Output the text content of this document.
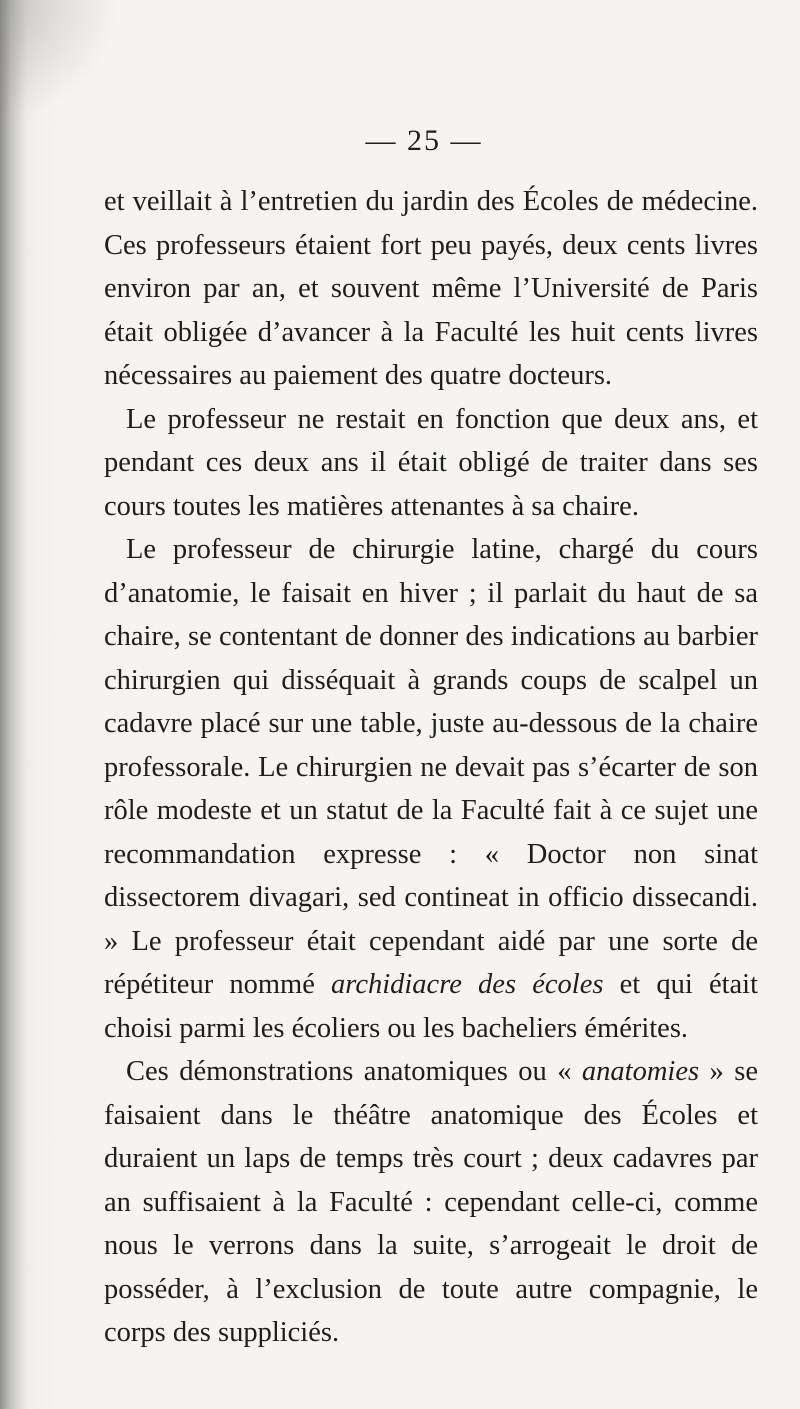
— 25 —

et veillait à l’entretien du jardin des Écoles de médecine. Ces professeurs étaient fort peu payés, deux cents livres environ par an, et souvent même l’Université de Paris était obligée d’avancer à la Faculté les huit cents livres nécessaires au paiement des quatre docteurs.

Le professeur ne restait en fonction que deux ans, et pendant ces deux ans il était obligé de traiter dans ses cours toutes les matières attenantes à sa chaire.

Le professeur de chirurgie latine, chargé du cours d’anatomie, le faisait en hiver ; il parlait du haut de sa chaire, se contentant de donner des indications au barbier chirurgien qui disséquait à grands coups de scalpel un cadavre placé sur une table, juste au-dessous de la chaire professorale. Le chirurgien ne devait pas s’écarter de son rôle modeste et un statut de la Faculté fait à ce sujet une recommandation expresse : « Doctor non sinat dissectorem divagari, sed contineat in officio dissecandi. » Le professeur était cependant aidé par une sorte de répétiteur nommé archidiacre des écoles et qui était choisi parmi les écoliers ou les bacheliers émérites.

Ces démonstrations anatomiques ou « anatomies » se faisaient dans le théâtre anatomique des Écoles et duraient un laps de temps très court ; deux cadavres par an suffisaient à la Faculté : cependant celle-ci, comme nous le verrons dans la suite, s’arrogeait le droit de posséder, à l’exclusion de toute autre compagnie, le corps des suppliciés.
